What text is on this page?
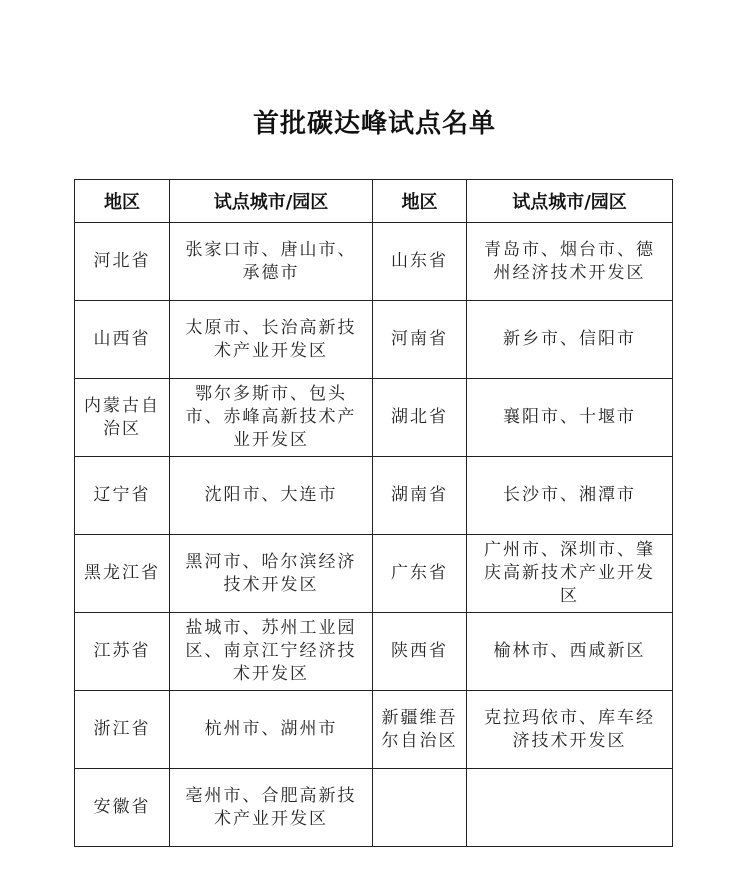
首批碳达峰试点名单
地区	试点城市/园区	地区	试点城市/园区
河北省	张家口市、唐山市、承德市	山东省	青岛市、烟台市、德州经济技术开发区
山西省	太原市、长治高新技术产业开发区	河南省	新乡市、信阳市
内蒙古自治区	鄂尔多斯市、包头市、赤峰高新技术产业开发区	湖北省	襄阳市、十堰市
辽宁省	沈阳市、大连市	湖南省	长沙市、湘潭市
黑龙江省	黑河市、哈尔滨经济技术开发区	广东省	广州市、深圳市、肇庆高新技术产业开发区
江苏省	盐城市、苏州工业园区、南京江宁经济技术开发区	陕西省	榆林市、西咸新区
浙江省	杭州市、湖州市	新疆维吾尔自治区	克拉玛依市、库车经济技术开发区
安徽省	亳州市、合肥高新技术产业开发区		
